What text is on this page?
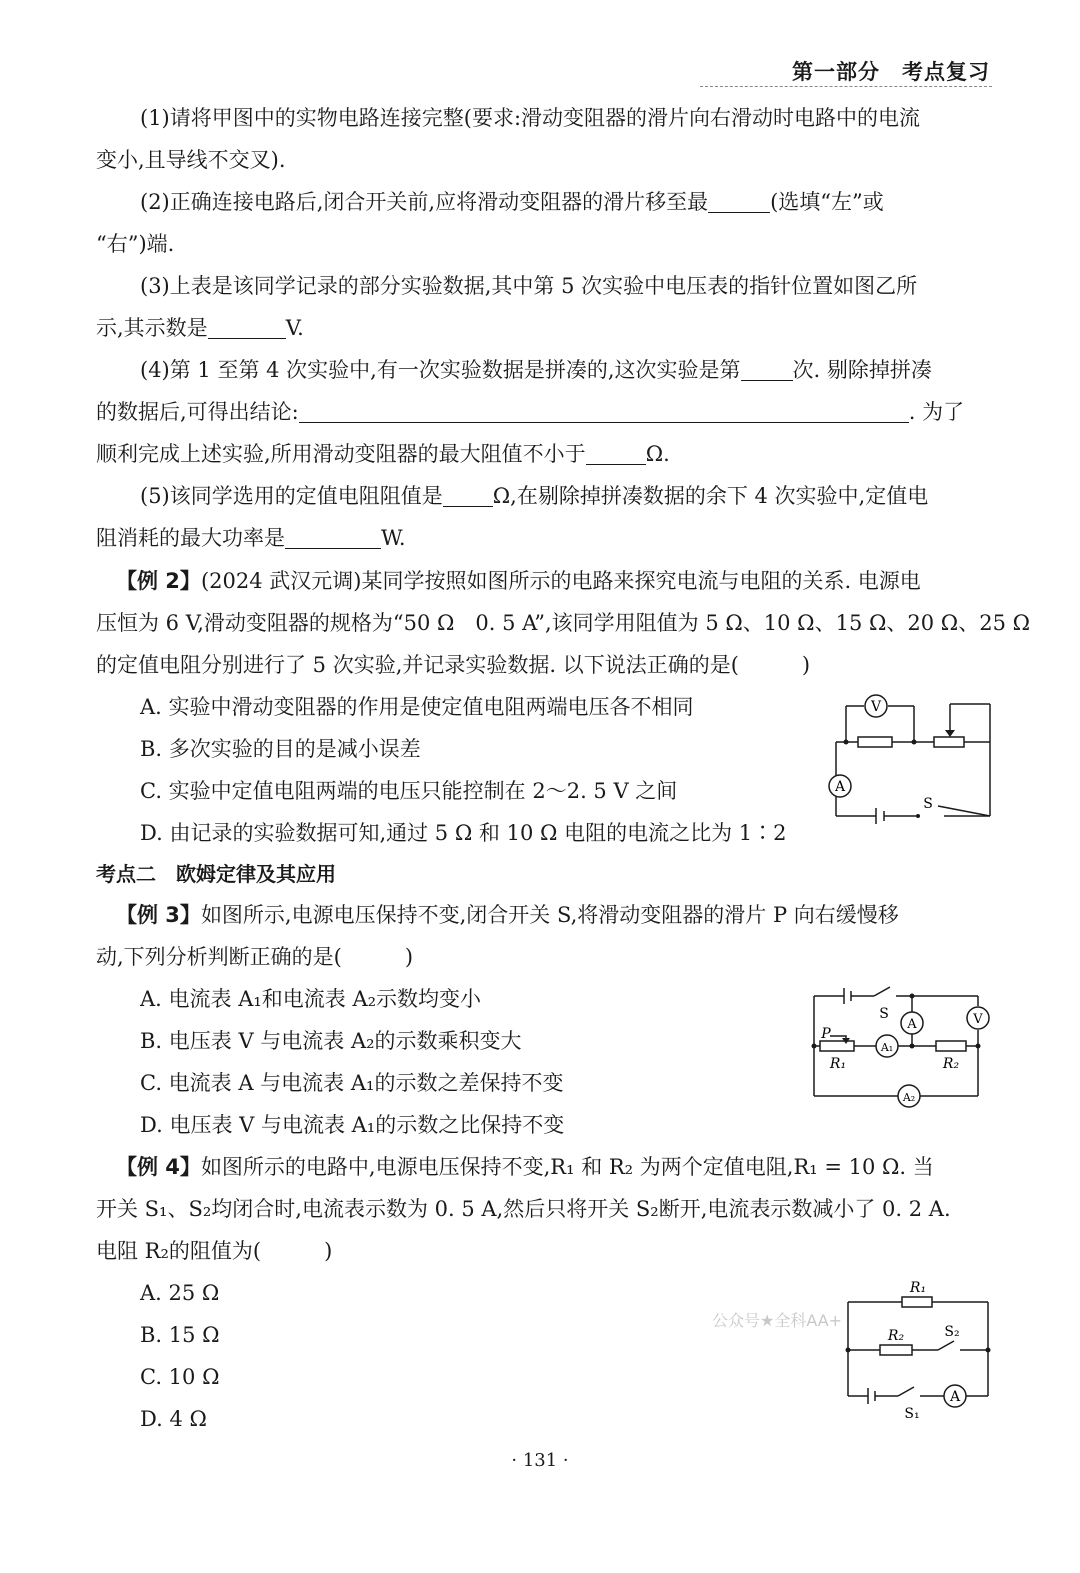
第一部分　考点复习
(1)请将甲图中的实物电路连接完整(要求:滑动变阻器的滑片向右滑动时电路中的电流
变小,且导线不交叉).
(2)正确连接电路后,闭合开关前,应将滑动变阻器的滑片移至最	(选填“左”或
“右”)端.
(3)上表是该同学记录的部分实验数据,其中第 5 次实验中电压表的指针位置如图乙所
示,其示数是	V.
(4)第 1 至第 4 次实验中,有一次实验数据是拼凑的,这次实验是第 次. 剔除掉拼凑
的数据后,可得出结论:	. 为了
顺利完成上述实验,所用滑动变阻器的最大阻值不小于	Ω.
(5)该同学选用的定值电阻阻值是 Ω,在剔除掉拼凑数据的余下 4 次实验中,定值电
阻消耗的最大功率是	W.
【例 2】(2024 武汉元调)某同学按照如图所示的电路来探究电流与电阻的关系. 电源电
压恒为 6 V,滑动变阻器的规格为“50 Ω　0. 5 A”,该同学用阻值为 5 Ω、10 Ω、15 Ω、20 Ω、25 Ω
的定值电阻分别进行了 5 次实验,并记录实验数据. 以下说法正确的是(　　　)
A. 实验中滑动变阻器的作用是使定值电阻两端电压各不相同
B. 多次实验的目的是减小误差
C. 实验中定值电阻两端的电压只能控制在 2～2. 5 V 之间
D. 由记录的实验数据可知,通过 5 Ω 和 10 Ω 电阻的电流之比为 1∶2
V
A
S
考点二　欧姆定律及其应用
【例 3】如图所示,电源电压保持不变,闭合开关 S,将滑动变阻器的滑片 P 向右缓慢移
动,下列分析判断正确的是(　　　)
A. 电流表 A₁和电流表 A₂示数均变小
B. 电压表 V 与电流表 A₂的示数乘积变大
C. 电流表 A 与电流表 A₁的示数之差保持不变
D. 电压表 V 与电流表 A₁的示数之比保持不变
S
A	V
P
A₁
A₂
R₁	R₂
【例 4】如图所示的电路中,电源电压保持不变,R₁ 和 R₂ 为两个定值电阻,R₁ = 10 Ω. 当
开关 S₁、S₂均闭合时,电流表示数为 0. 5 A,然后只将开关 S₂断开,电流表示数减小了 0. 2 A.
电阻 R₂的阻值为(　　　)
A. 25 Ω
B. 15 Ω
C. 10 Ω
D. 4 Ω
公众号★全科AA+
R₁
R₂	S₂
S₁
A
· 131 ·
